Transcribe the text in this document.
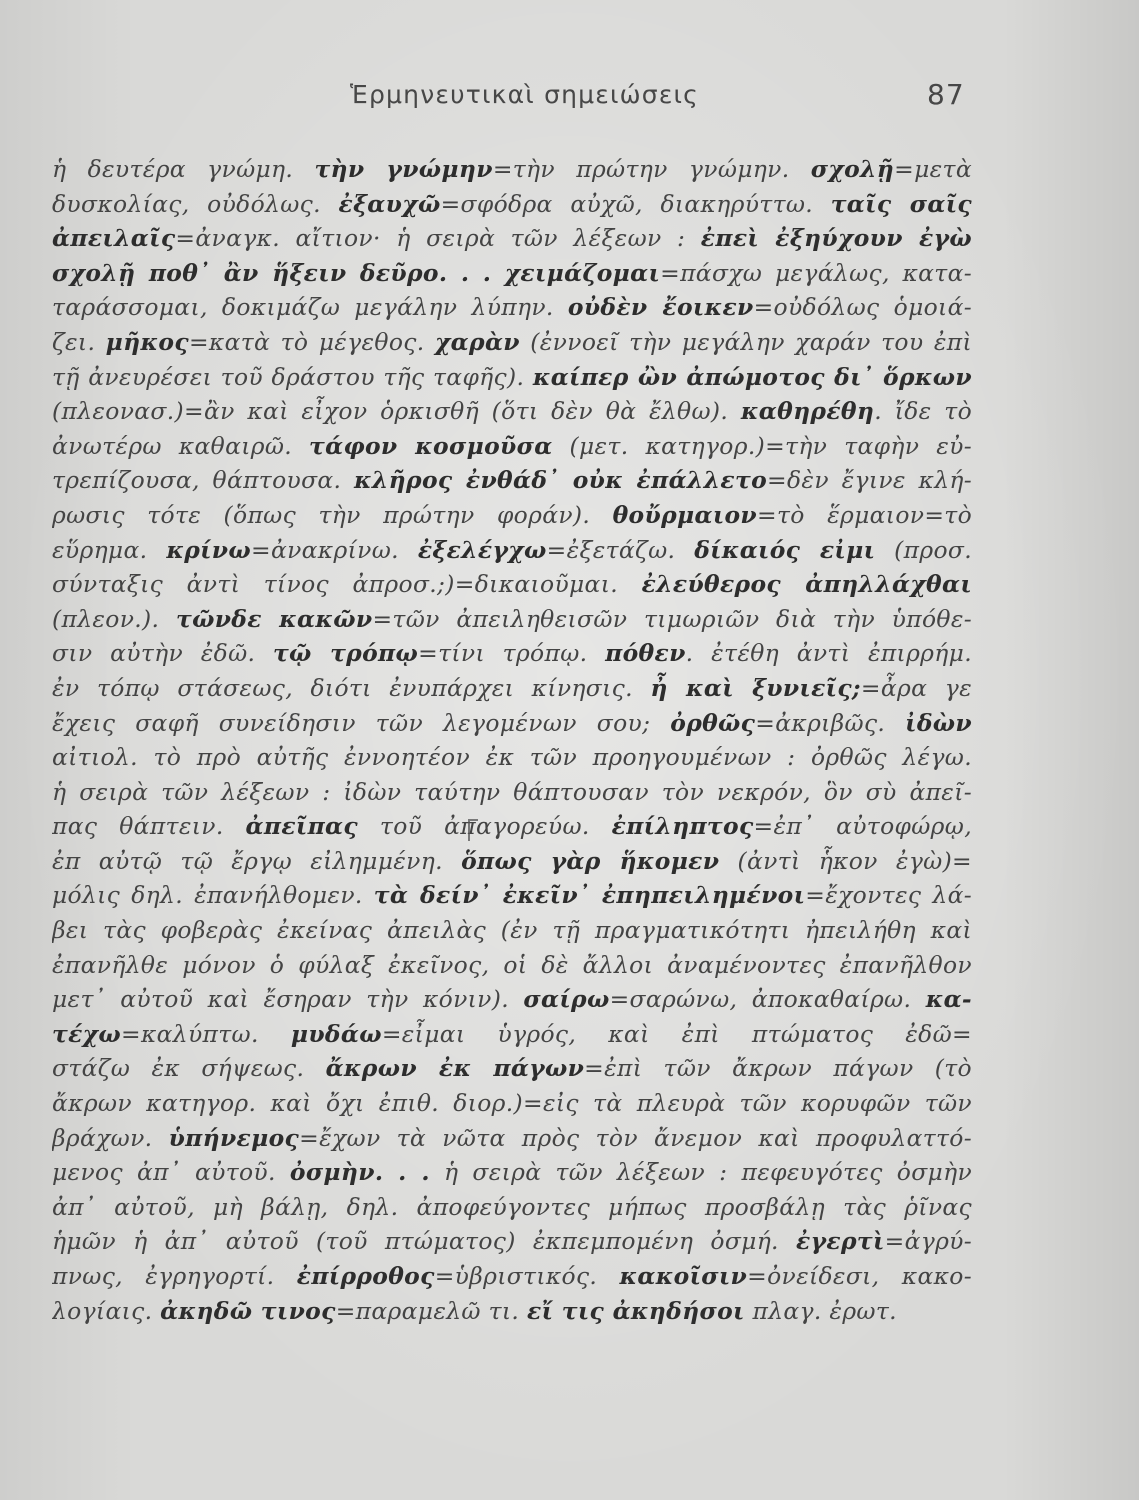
Ἑρμηνευτικαὶ σημειώσεις	87
ἡ δευτέρα γνώμη. τὴν γνώμην=τὴν πρώτην γνώμην. σχολῇ=μετὰ
δυσκολίας, οὐδόλως. ἐξαυχῶ=σφόδρα αὐχῶ, διακηρύττω. ταῖς σαῖς
ἀπειλαῖς=ἀναγκ. αἴτιον· ἡ σειρὰ τῶν λέξεων : ἐπεὶ ἐξηύχουν ἐγὼ
σχολῇ ποθ᾽ ἂν ἥξειν δεῦρο. . . χειμάζομαι=πάσχω μεγάλως, κατα-
ταράσσομαι, δοκιμάζω μεγάλην λύπην. οὐδὲν ἔοικεν=οὐδόλως ὁμοιά-
ζει. μῆκος=κατὰ τὸ μέγεθος. χαρὰν (ἐννοεῖ τὴν μεγάλην χαράν του ἐπὶ
τῇ ἀνευρέσει τοῦ δράστου τῆς ταφῆς). καίπερ ὢν ἀπώμοτος δι᾽ ὅρκων
(πλεονασ.)=ἂν καὶ εἶχον ὁρκισθῆ (ὅτι δὲν θὰ ἔλθω). καθηρέθη. ἴδε τὸ
ἀνωτέρω καθαιρῶ. τάφον κοσμοῦσα (μετ. κατηγορ.)=τὴν ταφὴν εὐ-
τρεπίζουσα, θάπτουσα. κλῆρος ἐνθάδ᾽ οὐκ ἐπάλλετο=δὲν ἔγινε κλή-
ρωσις τότε (ὅπως τὴν πρώτην φοράν). θοὔρμαιον=τὸ ἕρμαιον=τὸ
εὕρημα. κρίνω=ἀνακρίνω. ἐξελέγχω=ἐξετάζω. δίκαιός εἰμι (προσ.
σύνταξις ἀντὶ τίνος ἀπροσ.;)=δικαιοῦμαι. ἐλεύθερος ἀπηλλάχθαι
(πλεον.). τῶνδε κακῶν=τῶν ἀπειληθεισῶν τιμωριῶν διὰ τὴν ὑπόθε-
σιν αὐτὴν ἐδῶ. τῷ τρόπῳ=τίνι τρόπῳ. πόθεν. ἐτέθη ἀντὶ ἐπιρρήμ.
ἐν τόπῳ στάσεως, διότι ἐνυπάρχει κίνησις. ἦ καὶ ξυνιεῖς;=ἆρα γε
ἔχεις σαφῆ συνείδησιν τῶν λεγομένων σου; ὀρθῶς=ἀκριβῶς. ἰδὼν
αἰτιολ. τὸ πρὸ αὐτῆς ἐννοητέον ἐκ τῶν προηγουμένων : ὀρθῶς λέγω.
ἡ σειρὰ τῶν λέξεων : ἰδὼν ταύτην θάπτουσαν τὸν νεκρόν, ὃν σὺ ἀπεῖ-
πας θάπτειν. ἀπεῖπας τοῦ ἀπαγορεύω. ἐπίληπτος=ἐπ᾽ αὐτοφώρῳ,
ἐπ αὐτῷ τῷ ἔργῳ εἰλημμένη. ὅπως γὰρ ἥκομεν (ἀντὶ ἧκον ἐγὼ)=
μόλις δηλ. ἐπανήλθομεν. τὰ δείν᾽ ἐκεῖν᾽ ἐπηπειλημένοι=ἔχοντες λά-
βει τὰς φοβερὰς ἐκείνας ἀπειλὰς (ἐν τῇ πραγματικότητι ἠπειλήθη καὶ
ἐπανῆλθε μόνον ὁ φύλαξ ἐκεῖνος, οἱ δὲ ἄλλοι ἀναμένοντες ἐπανῆλθον
μετ᾽ αὐτοῦ καὶ ἔσηραν τὴν κόνιν). σαίρω=σαρώνω, ἀποκαθαίρω. κα-
τέχω=καλύπτω. μυδάω=εἶμαι ὑγρός, καὶ ἐπὶ πτώματος ἐδῶ=
στάζω ἐκ σήψεως. ἄκρων ἐκ πάγων=ἐπὶ τῶν ἄκρων πάγων (τὸ
ἄκρων κατηγορ. καὶ ὄχι ἐπιθ. διορ.)=εἰς τὰ πλευρὰ τῶν κορυφῶν τῶν
βράχων. ὑπήνεμος=ἔχων τὰ νῶτα πρὸς τὸν ἄνεμον καὶ προφυλαττό-
μενος ἀπ᾽ αὐτοῦ. ὀσμὴν. . . ἡ σειρὰ τῶν λέξεων : πεφευγότες ὀσμὴν
ἀπ᾽ αὐτοῦ, μὴ βάλῃ, δηλ. ἀποφεύγοντες μήπως προσβάλῃ τὰς ῥῖνας
ἡμῶν ἡ ἀπ᾽ αὐτοῦ (τοῦ πτώματος) ἐκπεμπομένη ὀσμή. ἐγερτὶ=ἀγρύ-
πνως, ἐγρηγορτί. ἐπίρροθος=ὑβριστικός. κακοῖσιν=ὀνείδεσι, κακο-
λογίαις. ἀκηδῶ τινος=παραμελῶ τι. εἴ τις ἀκηδήσοι πλαγ. ἐρωτ.
